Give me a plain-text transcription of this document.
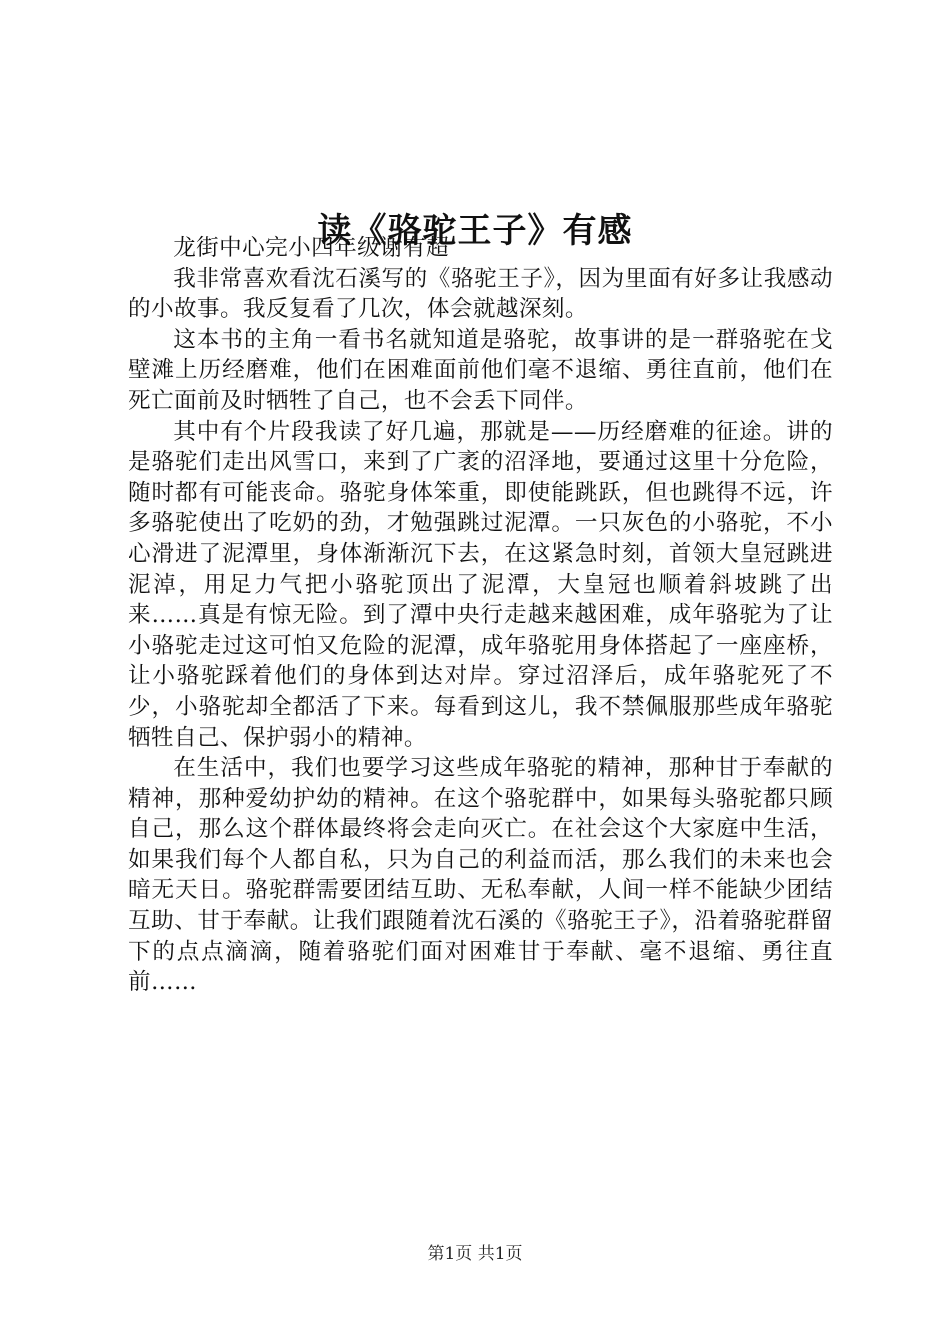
读《骆驼王子》有感

龙街中心完小四年级谢有超

我非常喜欢看沈石溪写的《骆驼王子》，因为里面有好多让我感动的小故事。我反复看了几次，体会就越深刻。

这本书的主角一看书名就知道是骆驼，故事讲的是一群骆驼在戈壁滩上历经磨难，他们在困难面前他们毫不退缩、勇往直前，他们在死亡面前及时牺牲了自己，也不会丢下同伴。

其中有个片段我读了好几遍，那就是——历经磨难的征途。讲的是骆驼们走出风雪口，来到了广袤的沼泽地，要通过这里十分危险，随时都有可能丧命。骆驼身体笨重，即使能跳跃，但也跳得不远，许多骆驼使出了吃奶的劲，才勉强跳过泥潭。一只灰色的小骆驼，不小心滑进了泥潭里，身体渐渐沉下去，在这紧急时刻，首领大皇冠跳进泥淖，用足力气把小骆驼顶出了泥潭，大皇冠也顺着斜坡跳了出来……真是有惊无险。到了潭中央行走越来越困难，成年骆驼为了让小骆驼走过这可怕又危险的泥潭，成年骆驼用身体搭起了一座座桥，让小骆驼踩着他们的身体到达对岸。穿过沼泽后，成年骆驼死了不少，小骆驼却全都活了下来。每看到这儿，我不禁佩服那些成年骆驼牺牲自己、保护弱小的精神。

在生活中，我们也要学习这些成年骆驼的精神，那种甘于奉献的精神，那种爱幼护幼的精神。在这个骆驼群中，如果每头骆驼都只顾自己，那么这个群体最终将会走向灭亡。在社会这个大家庭中生活，如果我们每个人都自私，只为自己的利益而活，那么我们的未来也会暗无天日。骆驼群需要团结互助、无私奉献，人间一样不能缺少团结互助、甘于奉献。让我们跟随着沈石溪的《骆驼王子》，沿着骆驼群留下的点点滴滴，随着骆驼们面对困难甘于奉献、毫不退缩、勇往直前……

第1页 共1页
